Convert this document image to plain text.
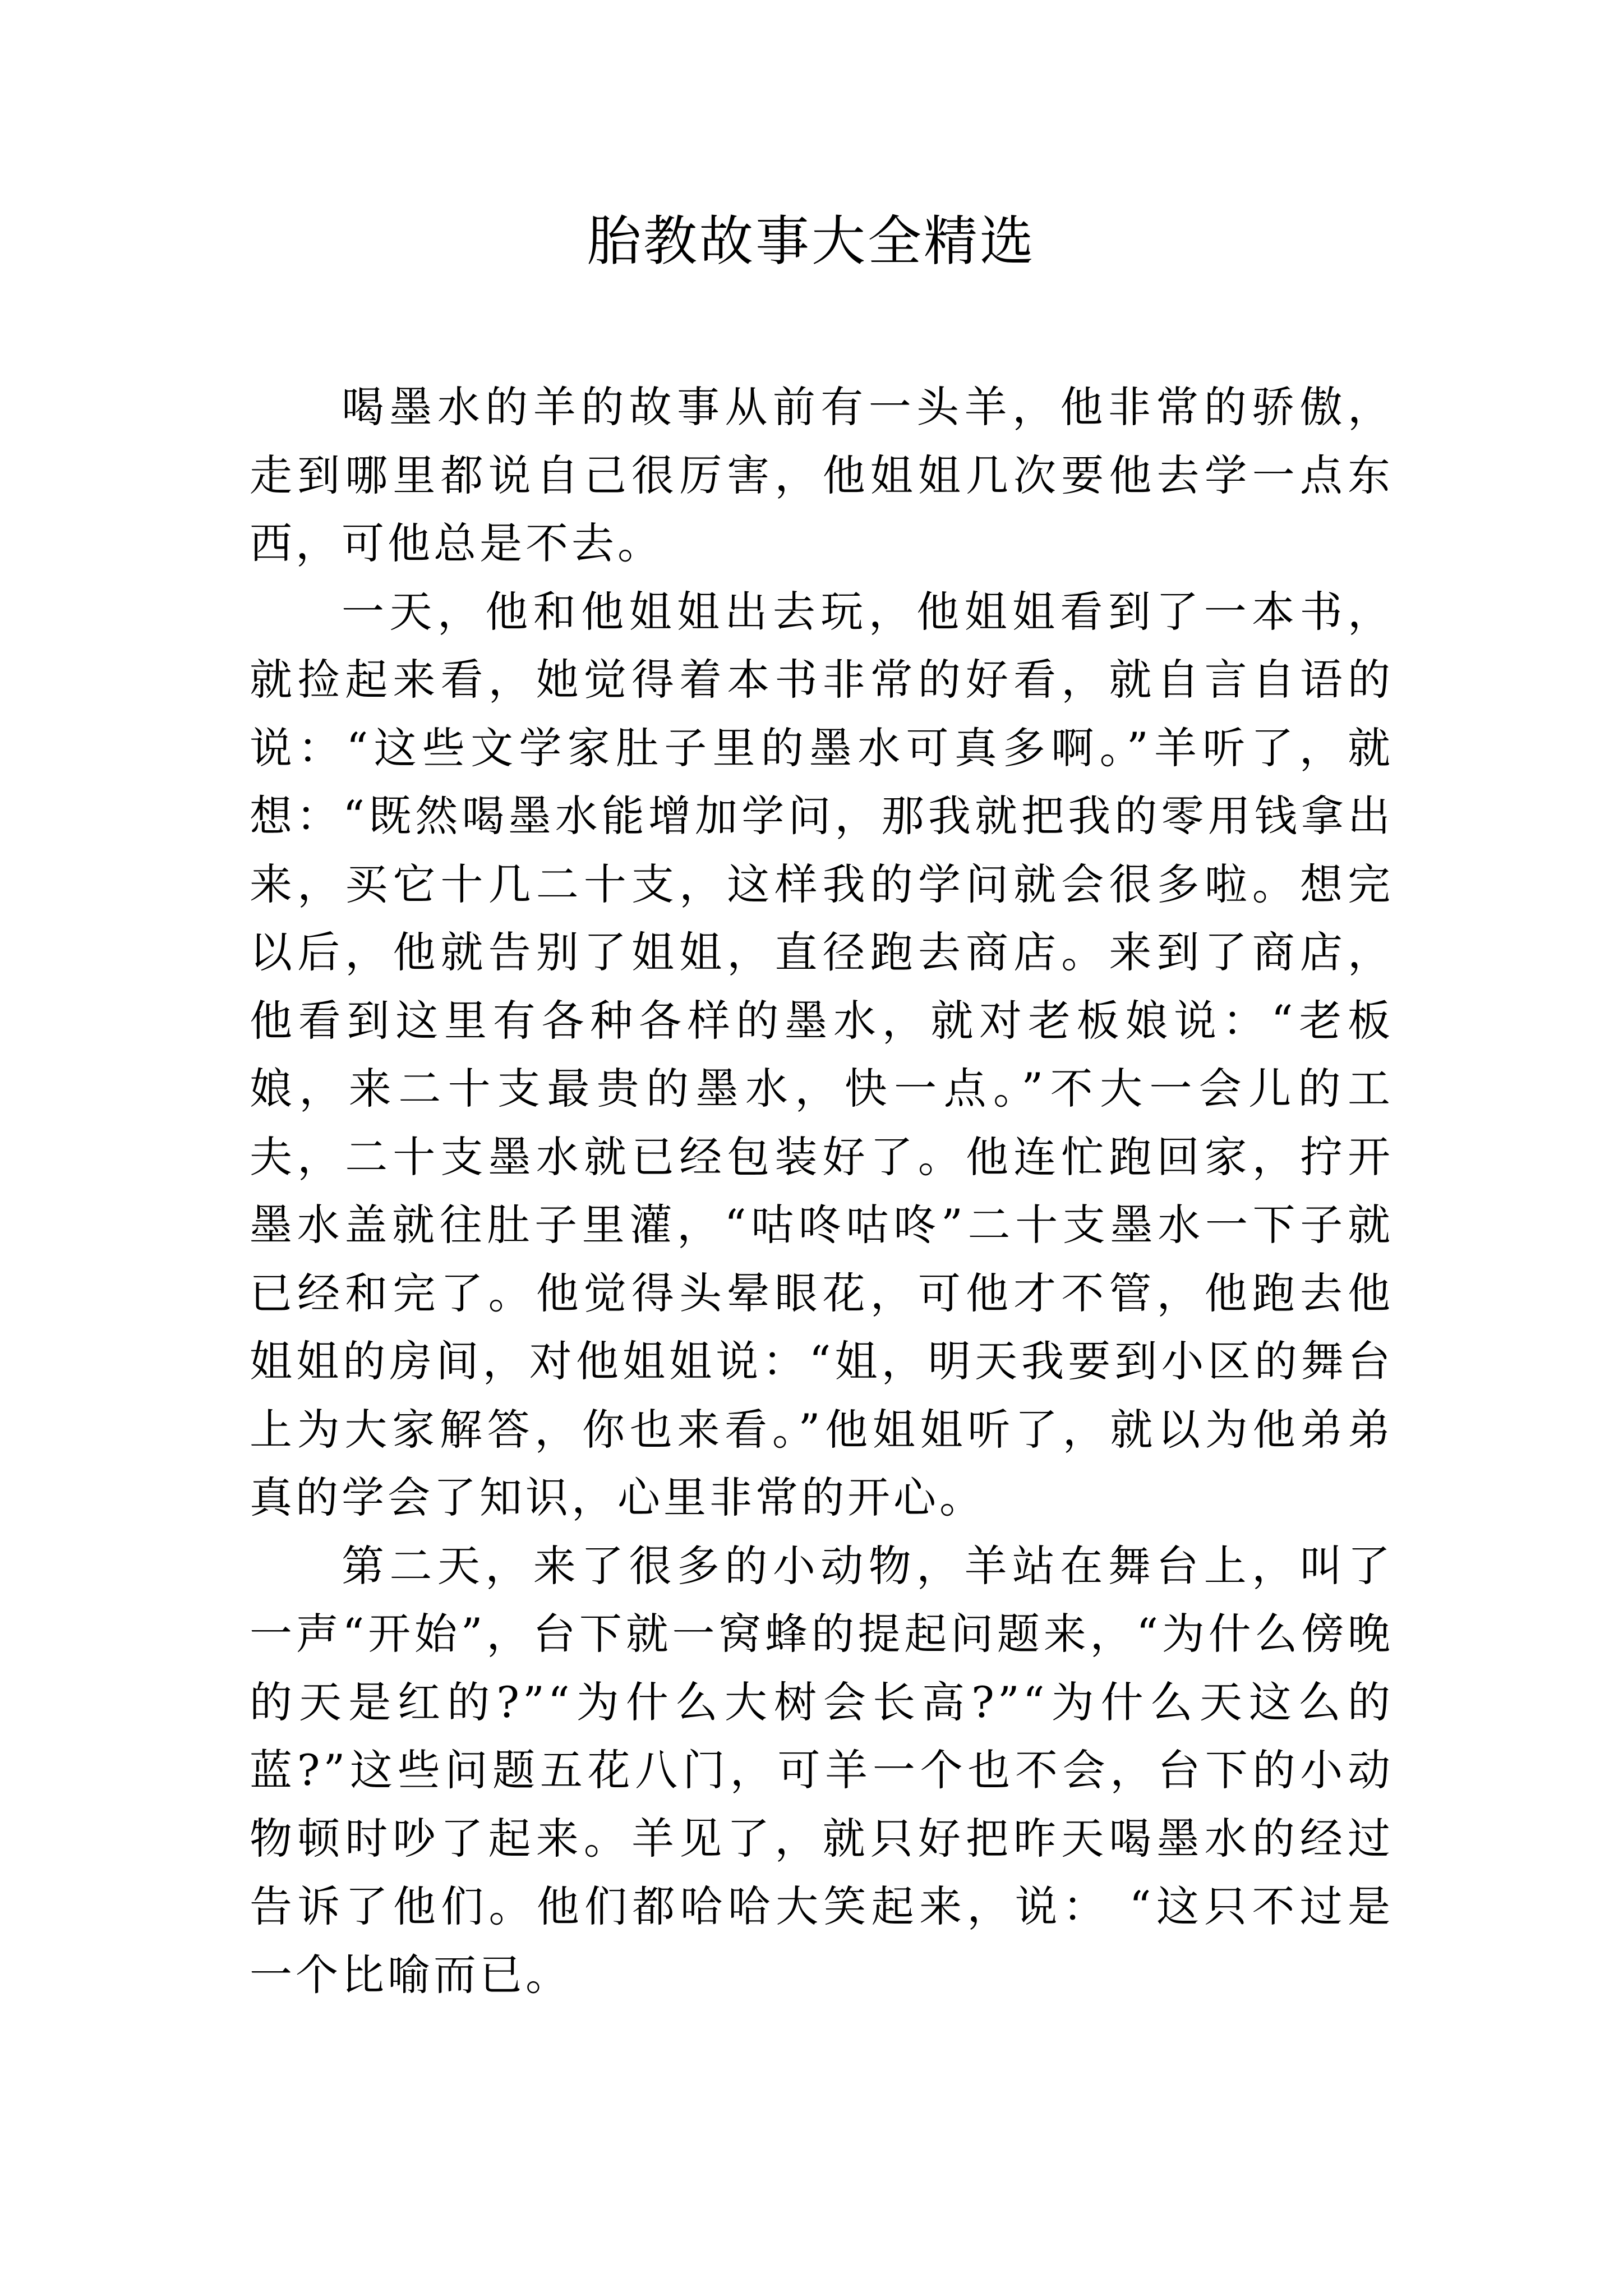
胎教故事大全精选

喝墨水的羊的故事从前有一头羊，他非常的骄傲，走到哪里都说自己很厉害，他姐姐几次要他去学一点东西，可他总是不去。

一天，他和他姐姐出去玩，他姐姐看到了一本书，就捡起来看，她觉得着本书非常的好看，就自言自语的说：“这些文学家肚子里的墨水可真多啊。”羊听了，就想：“既然喝墨水能增加学问，那我就把我的零用钱拿出来，买它十几二十支，这样我的学问就会很多啦。想完以后，他就告别了姐姐，直径跑去商店。来到了商店，他看到这里有各种各样的墨水，就对老板娘说：“老板娘，来二十支最贵的墨水，快一点。”不大一会儿的工夫，二十支墨水就已经包装好了。他连忙跑回家，拧开墨水盖就往肚子里灌，“咕咚咕咚”二十支墨水一下子就已经和完了。他觉得头晕眼花，可他才不管，他跑去他姐姐的房间，对他姐姐说：“姐，明天我要到小区的舞台上为大家解答，你也来看。”他姐姐听了，就以为他弟弟真的学会了知识，心里非常的开心。

第二天，来了很多的小动物，羊站在舞台上，叫了一声“开始”，台下就一窝蜂的提起问题来，“为什么傍晚的天是红的?”“为什么大树会长高?”“为什么天这么的蓝?”这些问题五花八门，可羊一个也不会，台下的小动物顿时吵了起来。羊见了，就只好把昨天喝墨水的经过告诉了他们。他们都哈哈大笑起来，说： “这只不过是一个比喻而已。
